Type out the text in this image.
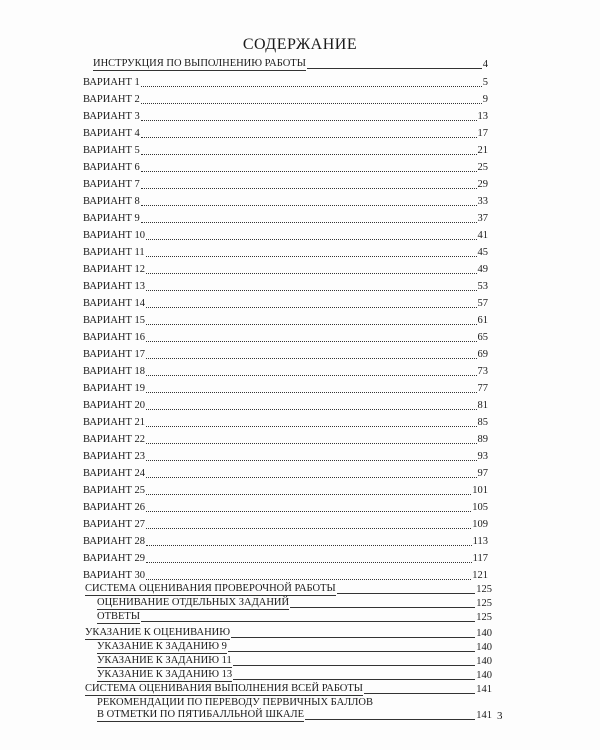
СОДЕРЖАНИЕ
ИНСТРУКЦИЯ ПО ВЫПОЛНЕНИЮ РАБОТЫ	4
ВАРИАНТ 1	5
ВАРИАНТ 2	9
ВАРИАНТ 3	13
ВАРИАНТ 4	17
ВАРИАНТ 5	21
ВАРИАНТ 6	25
ВАРИАНТ 7	29
ВАРИАНТ 8	33
ВАРИАНТ 9	37
ВАРИАНТ 10	41
ВАРИАНТ 11	45
ВАРИАНТ 12	49
ВАРИАНТ 13	53
ВАРИАНТ 14	57
ВАРИАНТ 15	61
ВАРИАНТ 16	65
ВАРИАНТ 17	69
ВАРИАНТ 18	73
ВАРИАНТ 19	77
ВАРИАНТ 20	81
ВАРИАНТ 21	85
ВАРИАНТ 22	89
ВАРИАНТ 23	93
ВАРИАНТ 24	97
ВАРИАНТ 25	101
ВАРИАНТ 26	105
ВАРИАНТ 27	109
ВАРИАНТ 28	113
ВАРИАНТ 29	117
ВАРИАНТ 30	121
СИСТЕМА ОЦЕНИВАНИЯ ПРОВЕРОЧНОЙ РАБОТЫ	125
ОЦЕНИВАНИЕ ОТДЕЛЬНЫХ ЗАДАНИЙ	125
ОТВЕТЫ	125
УКАЗАНИЕ К ОЦЕНИВАНИЮ	140
УКАЗАНИЕ К ЗАДАНИЮ 9	140
УКАЗАНИЕ К ЗАДАНИЮ 11	140
УКАЗАНИЕ К ЗАДАНИЮ 13	140
СИСТЕМА ОЦЕНИВАНИЯ ВЫПОЛНЕНИЯ ВСЕЙ РАБОТЫ	141
РЕКОМЕНДАЦИИ ПО ПЕРЕВОДУ ПЕРВИЧНЫХ БАЛЛОВ
В ОТМЕТКИ ПО ПЯТИБАЛЛЬНОЙ ШКАЛЕ	141 3
